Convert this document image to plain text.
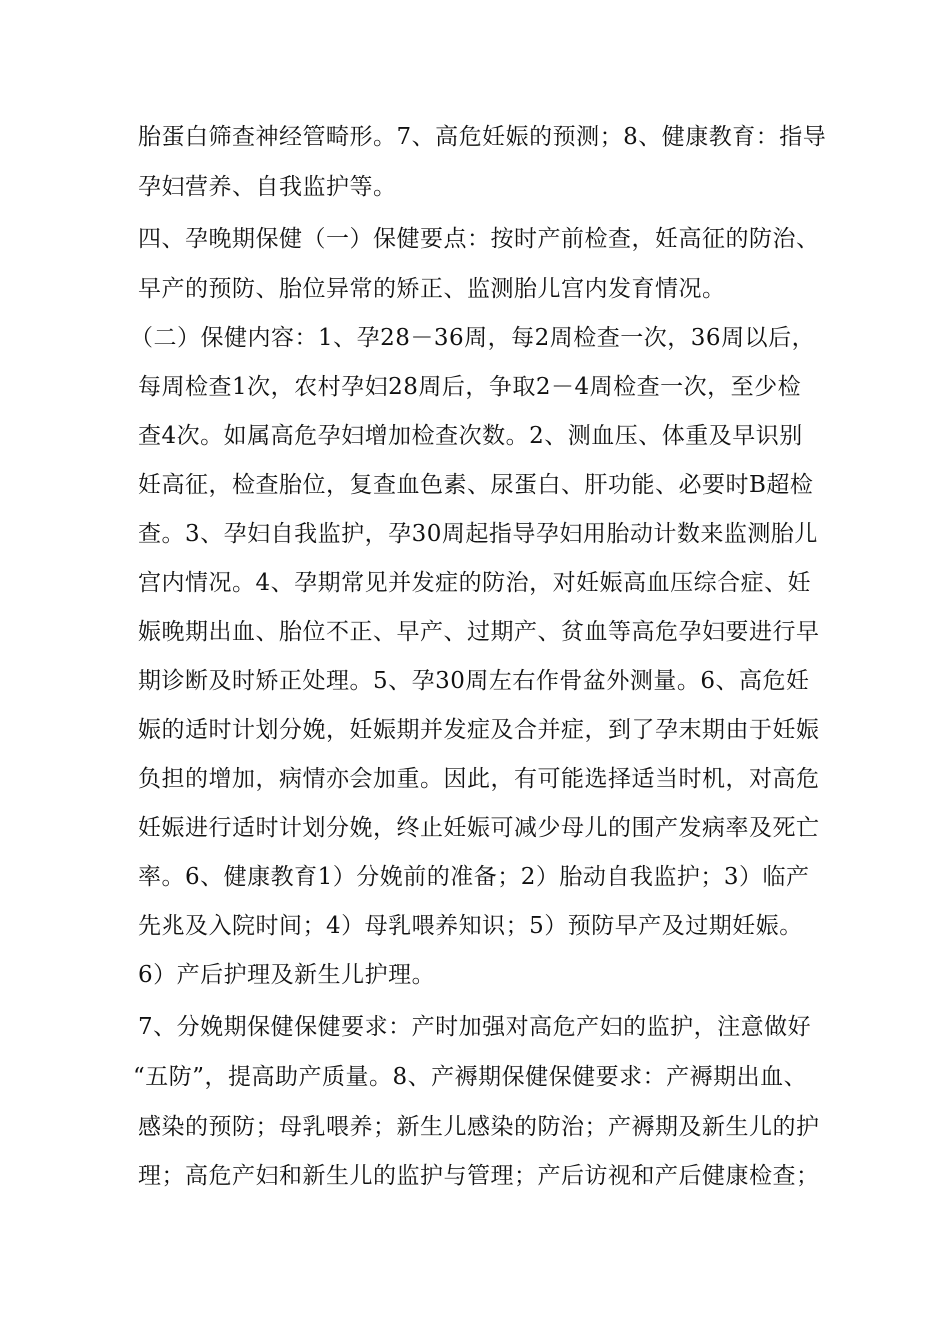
胎蛋白筛查神经管畸形。7、高危妊娠的预测；8、健康教育：指导
孕妇营养、自我监护等。
四、孕晚期保健（一）保健要点：按时产前检查，妊高征的防治、
早产的预防、胎位异常的矫正、监测胎儿宫内发育情况。
（二）保健内容：1、孕28－36周，每2周检查一次，36周以后，
每周检查1次，农村孕妇28周后，争取2－4周检查一次，至少检
查4次。如属高危孕妇增加检查次数。2、测血压、体重及早识别
妊高征，检查胎位，复查血色素、尿蛋白、肝功能、必要时B超检
查。3、孕妇自我监护，孕30周起指导孕妇用胎动计数来监测胎儿
宫内情况。4、孕期常见并发症的防治，对妊娠高血压综合症、妊
娠晚期出血、胎位不正、早产、过期产、贫血等高危孕妇要进行早
期诊断及时矫正处理。5、孕30周左右作骨盆外测量。6、高危妊
娠的适时计划分娩，妊娠期并发症及合并症，到了孕末期由于妊娠
负担的增加，病情亦会加重。因此，有可能选择适当时机，对高危
妊娠进行适时计划分娩，终止妊娠可减少母儿的围产发病率及死亡
率。6、健康教育1）分娩前的准备；2）胎动自我监护；3）临产
先兆及入院时间；4）母乳喂养知识；5）预防早产及过期妊娠。
6）产后护理及新生儿护理。
7、分娩期保健保健要求：产时加强对高危产妇的监护，注意做好
“五防”，提高助产质量。8、产褥期保健保健要求：产褥期出血、
感染的预防；母乳喂养；新生儿感染的防治；产褥期及新生儿的护
理；高危产妇和新生儿的监护与管理；产后访视和产后健康检查；
